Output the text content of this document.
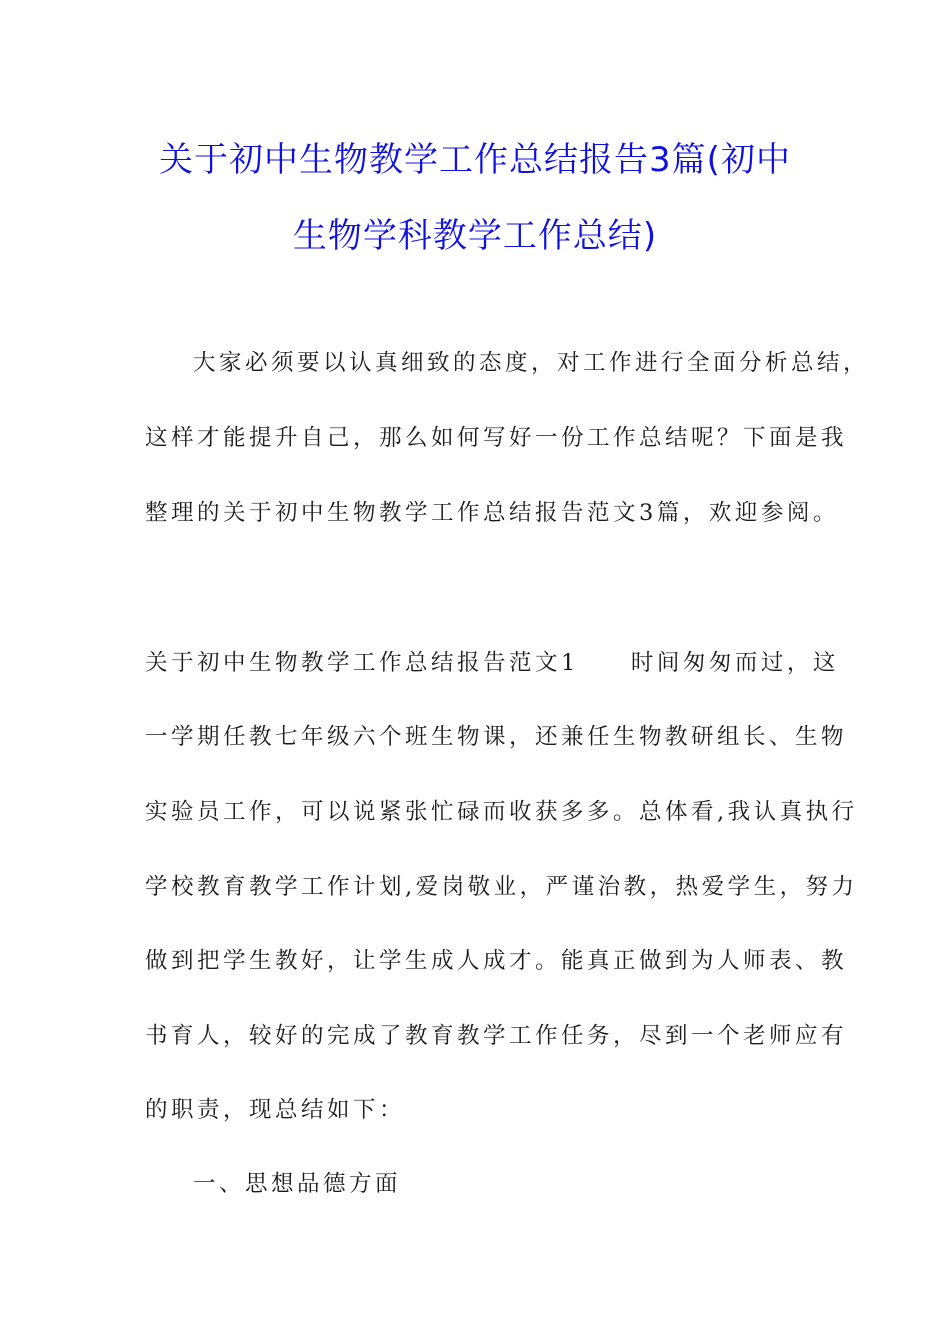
关于初中生物教学工作总结报告3篇(初中
生物学科教学工作总结)
大家必须要以认真细致的态度，对工作进行全面分析总结，
这样才能提升自己，那么如何写好一份工作总结呢？下面是我
整理的关于初中生物教学工作总结报告范文3篇，欢迎参阅。
关于初中生物教学工作总结报告范文1　　时间匆匆而过，这
一学期任教七年级六个班生物课，还兼任生物教研组长、生物
实验员工作，可以说紧张忙碌而收获多多。总体看,我认真执行
学校教育教学工作计划,爱岗敬业，严谨治教，热爱学生，努力
做到把学生教好，让学生成人成才。能真正做到为人师表、教
书育人，较好的完成了教育教学工作任务，尽到一个老师应有
的职责，现总结如下：
一、思想品德方面
